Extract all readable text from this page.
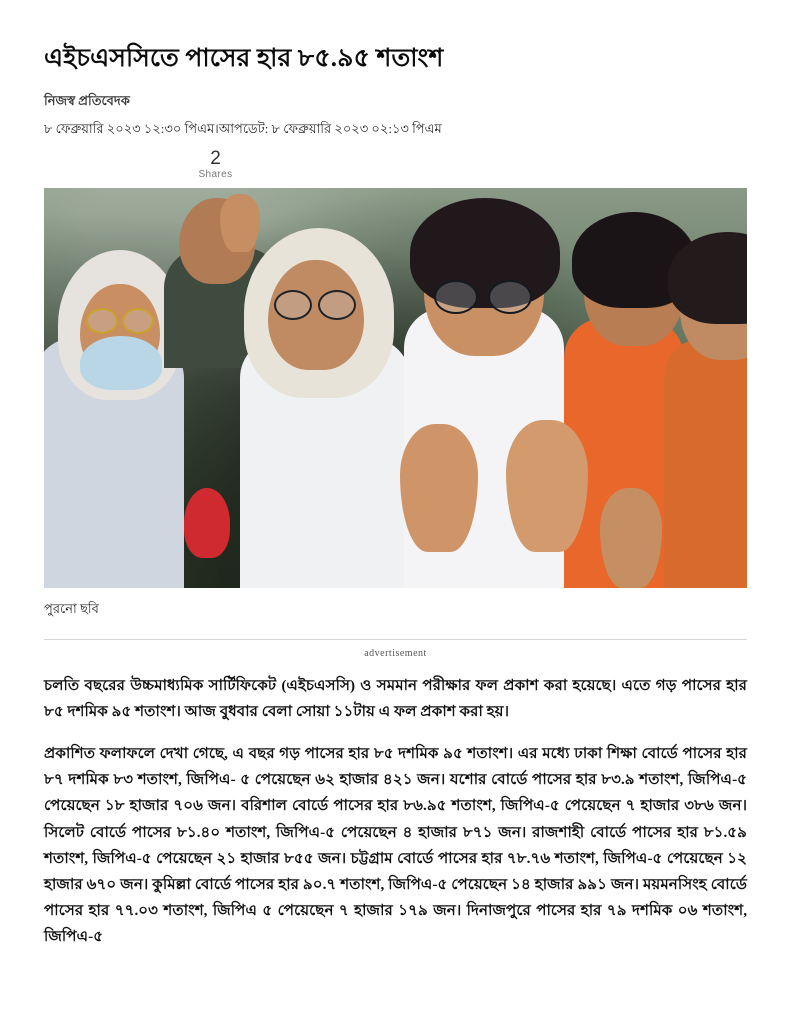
এইচএসসিতে পাসের হার ৮৫.৯৫ শতাংশ
নিজস্ব প্রতিবেদক
৮ ফেব্রুয়ারি ২০২৩ ১২:৩০ পিএম।আপডেট: ৮ ফেব্রুয়ারি ২০২৩ ০২:১৩ পিএম
2
Shares
পুরনো ছবি
advertisement

চলতি বছরের উচ্চমাধ্যমিক সার্টিফিকেট (এইচএসসি) ও সমমান পরীক্ষার ফল প্রকাশ করা হয়েছে। এতে গড় পাসের হার ৮৫ দশমিক ৯৫ শতাংশ। আজ বুধবার বেলা সোয়া ১১টায় এ ফল প্রকাশ করা হয়।

প্রকাশিত ফলাফলে দেখা গেছে, এ বছর গড় পাসের হার ৮৫ দশমিক ৯৫ শতাংশ। এর মধ্যে ঢাকা শিক্ষা বোর্ডে পাসের হার ৮৭ দশমিক ৮৩ শতাংশ, জিপিএ- ৫ পেয়েছেন ৬২ হাজার ৪২১ জন। যশোর বোর্ডে পাসের হার ৮৩.৯ শতাংশ, জিপিএ-৫ পেয়েছেন ১৮ হাজার ৭০৬ জন। বরিশাল বোর্ডে পাসের হার ৮৬.৯৫ শতাংশ, জিপিএ-৫ পেয়েছেন ৭ হাজার ৩৮৬ জন। সিলেট বোর্ডে পাসের ৮১.৪০ শতাংশ, জিপিএ-৫ পেয়েছেন ৪ হাজার ৮৭১ জন। রাজশাহী বোর্ডে পাসের হার ৮১.৫৯ শতাংশ, জিপিএ-৫ পেয়েছেন ২১ হাজার ৮৫৫ জন। চট্টগ্রাম বোর্ডে পাসের হার ৭৮.৭৬ শতাংশ, জিপিএ-৫ পেয়েছেন ১২ হাজার ৬৭০ জন। কুমিল্লা বোর্ডে পাসের হার ৯০.৭ শতাংশ, জিপিএ-৫ পেয়েছেন ১৪ হাজার ৯৯১ জন। ময়মনসিংহ বোর্ডে পাসের হার ৭৭.০৩ শতাংশ, জিপিএ ৫ পেয়েছেন ৭ হাজার ১৭৯ জন। দিনাজপুরে পাসের হার ৭৯ দশমিক ০৬ শতাংশ, জিপিএ-৫
